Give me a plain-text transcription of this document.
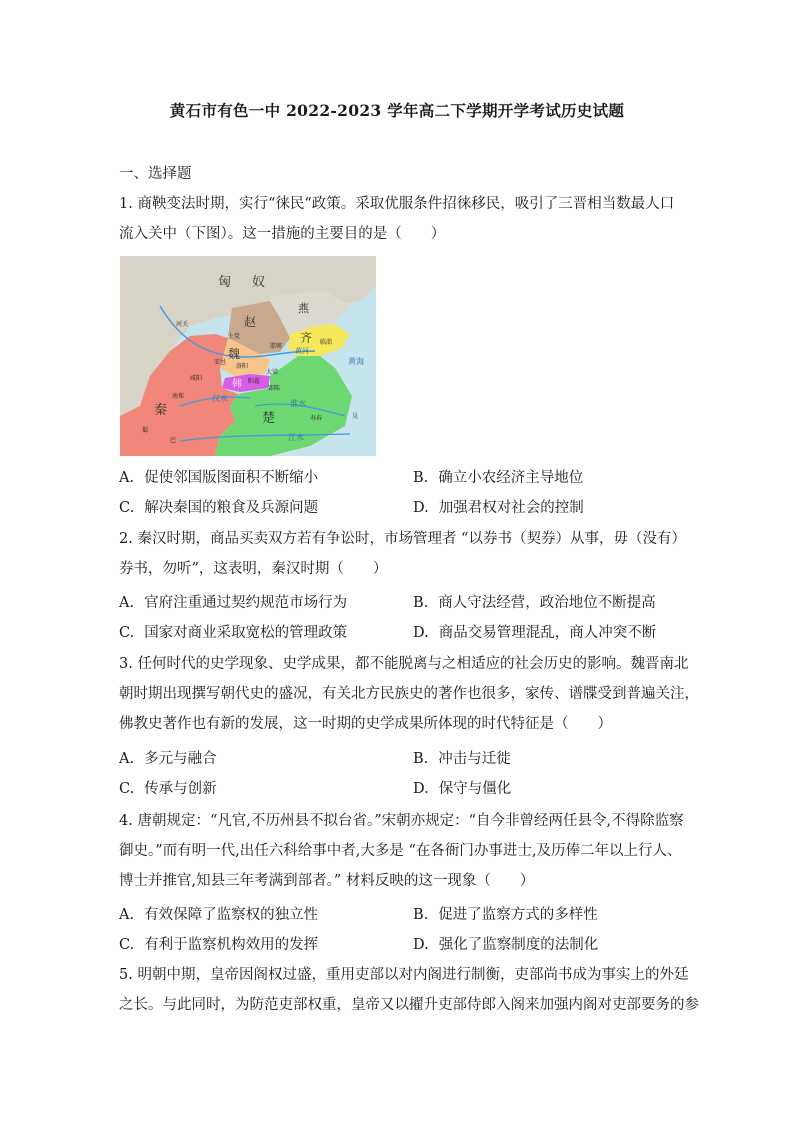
黄石市有色一中 2022-2023 学年高二下学期开学考试历史试题
一、选择题
1. 商鞅变法时期，实行“徕民“政策。采取优服条件招徕移民，吸引了三晋相当数最人口
流入关中（下图）。这一措施的主要目的是（　　）
匈 奴
燕
赵
齐
魏
韩
秦
楚
黄海
黄河
汉水
淮水
江水
邯郸
临淄
大梁
阳翟
郢陈
咸阳
洛阳
安邑
南郑
蜀
巴
寿春	吴
上党
河关
A. 促使邻国版图面积不断缩小	B. 确立小农经济主导地位
C. 解决秦国的粮食及兵源问题	D. 加强君权对社会的控制
2. 秦汉时期，商品买卖双方若有争讼时，市场管理者 “以券书（契券）从事，毋（没有）
券书，勿听”，这表明，秦汉时期（　　）
A. 官府注重通过契约规范市场行为	B. 商人守法经营，政治地位不断提高
C. 国家对商业采取宽松的管理政策	D. 商品交易管理混乱，商人冲突不断
3. 任何时代的史学现象、史学成果，都不能脱离与之相适应的社会历史的影响。魏晋南北
朝时期出现撰写朝代史的盛况，有关北方民族史的著作也很多，家传、谱牒受到普遍关注，
佛教史著作也有新的发展，这一时期的史学成果所体现的时代特征是（　　）
A. 多元与融合	B. 冲击与迁徙
C. 传承与创新	D. 保守与僵化
4. 唐朝规定：“凡官,不历州县不拟台省。”宋朝亦规定：“自今非曾经两任县令,不得除监察
御史。”而有明一代,出任六科给事中者,大多是 “在各衙门办事进士,及历俸二年以上行人、
博士并推官,知县三年考满到部者。” 材料反映的这一现象（　　）
A. 有效保障了监察权的独立性	B. 促进了监察方式的多样性
C. 有利于监察机构效用的发挥	D. 强化了监察制度的法制化
5. 明朝中期，皇帝因阁权过盛，重用吏部以对内阁进行制衡，吏部尚书成为事实上的外廷
之长。与此同时，为防范吏部权重，皇帝又以擢升吏部侍郎入阁来加强内阁对吏部要务的参
